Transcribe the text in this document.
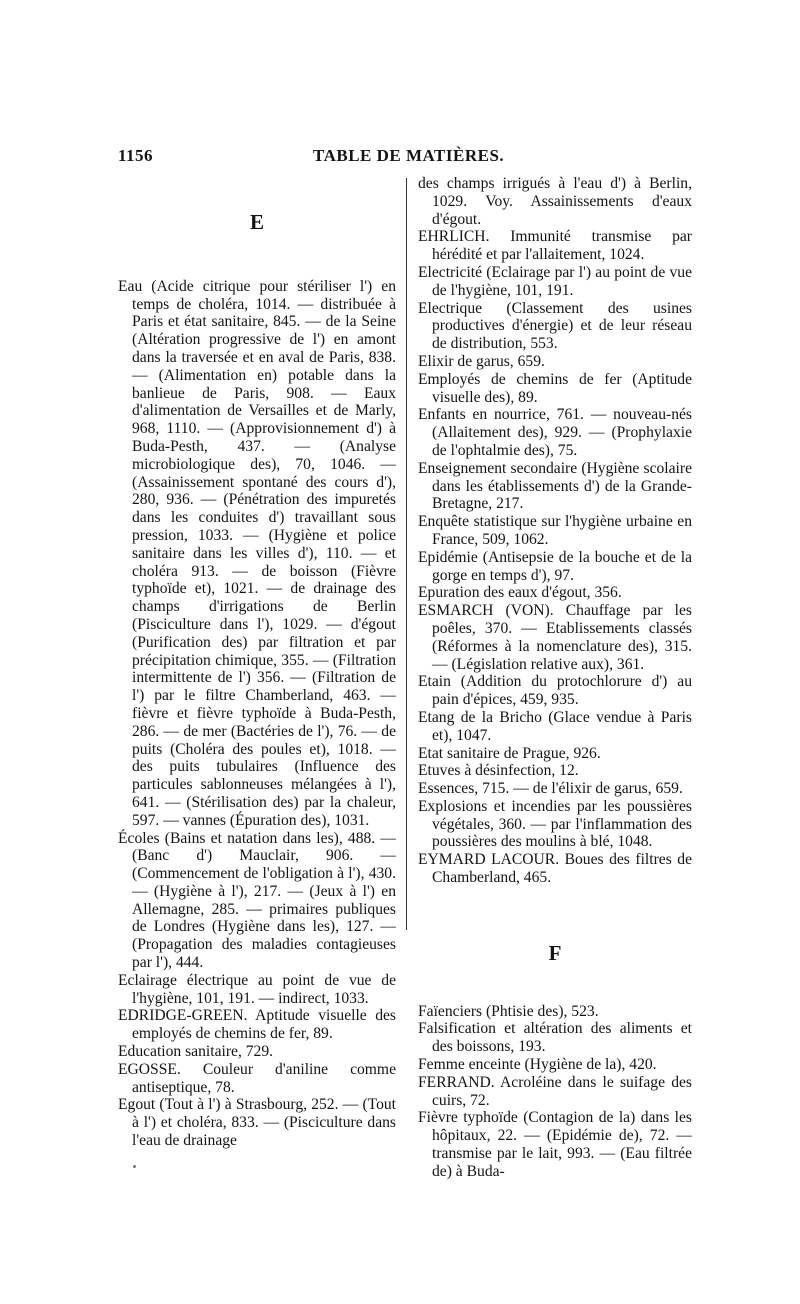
1156	TABLE DE MATIÈRES.

E

Eau (Acide citrique pour stériliser l') en temps de choléra, 1014. — distribuée à Paris et état sanitaire, 845. — de la Seine (Altération progressive de l') en amont dans la traversée et en aval de Paris, 838. — (Alimentation en) potable dans la banlieue de Paris, 908. — Eaux d'alimentation de Versailles et de Marly, 968, 1110. — (Approvisionnement d') à Buda-Pesth, 437. — (Analyse microbiologique des), 70, 1046. — (Assainissement spontané des cours d'), 280, 936. — (Pénétration des impuretés dans les conduites d') travaillant sous pression, 1033. — (Hygiène et police sanitaire dans les villes d'), 110. — et choléra 913. — de boisson (Fièvre typhoïde et), 1021. — de drainage des champs d'irrigations de Berlin (Pisciculture dans l'), 1029. — d'égout (Purification des) par filtration et par précipitation chimique, 355. — (Filtration intermittente de l') 356. — (Filtration de l') par le filtre Chamberland, 463. — fièvre et fièvre typhoïde à Buda-Pesth, 286. — de mer (Bactéries de l'), 76. — de puits (Choléra des poules et), 1018. — des puits tubulaires (Influence des particules sablonneuses mélangées à l'), 641. — (Stérilisation des) par la chaleur, 597. — vannes (Épuration des), 1031.

Écoles (Bains et natation dans les), 488. — (Banc d') Mauclair, 906. — (Commencement de l'obligation à l'), 430. — (Hygiène à l'), 217. — (Jeux à l') en Allemagne, 285. — primaires publiques de Londres (Hygiène dans les), 127. — (Propagation des maladies contagieuses par l'), 444.

Eclairage électrique au point de vue de l'hygiène, 101, 191. — indirect, 1033.

EDRIDGE-GREEN. Aptitude visuelle des employés de chemins de fer, 89.

Education sanitaire, 729.

EGOSSE. Couleur d'aniline comme antiseptique, 78.

Egout (Tout à l') à Strasbourg, 252. — (Tout à l') et choléra, 833. — (Pisciculture dans l'eau de drainage

des champs irrigués à l'eau d') à Berlin, 1029. Voy. Assainissements d'eaux d'égout.

EHRLICH. Immunité transmise par hérédité et par l'allaitement, 1024.

Electricité (Eclairage par l') au point de vue de l'hygiène, 101, 191.

Electrique (Classement des usines productives d'énergie) et de leur réseau de distribution, 553.

Elixir de garus, 659.

Employés de chemins de fer (Aptitude visuelle des), 89.

Enfants en nourrice, 761. — nouveau-nés (Allaitement des), 929. — (Prophylaxie de l'ophtalmie des), 75.

Enseignement secondaire (Hygiène scolaire dans les établissements d') de la Grande-Bretagne, 217.

Enquête statistique sur l'hygiène urbaine en France, 509, 1062.

Epidémie (Antisepsie de la bouche et de la gorge en temps d'), 97.

Epuration des eaux d'égout, 356.

ESMARCH (VON). Chauffage par les poêles, 370. — Etablissements classés (Réformes à la nomenclature des), 315. — (Législation relative aux), 361.

Etain (Addition du protochlorure d') au pain d'épices, 459, 935.

Etang de la Bricho (Glace vendue à Paris et), 1047.

Etat sanitaire de Prague, 926.

Etuves à désinfection, 12.

Essences, 715. — de l'élixir de garus, 659.

Explosions et incendies par les poussières végétales, 360. — par l'inflammation des poussières des moulins à blé, 1048.

EYMARD LACOUR. Boues des filtres de Chamberland, 465.

F

Faïenciers (Phtisie des), 523.

Falsification et altération des aliments et des boissons, 193.

Femme enceinte (Hygiène de la), 420.

FERRAND. Acroléine dans le suifage des cuirs, 72.

Fièvre typhoïde (Contagion de la) dans les hôpitaux, 22. — (Epidémie de), 72. — transmise par le lait, 993. — (Eau filtrée de) à Buda-
